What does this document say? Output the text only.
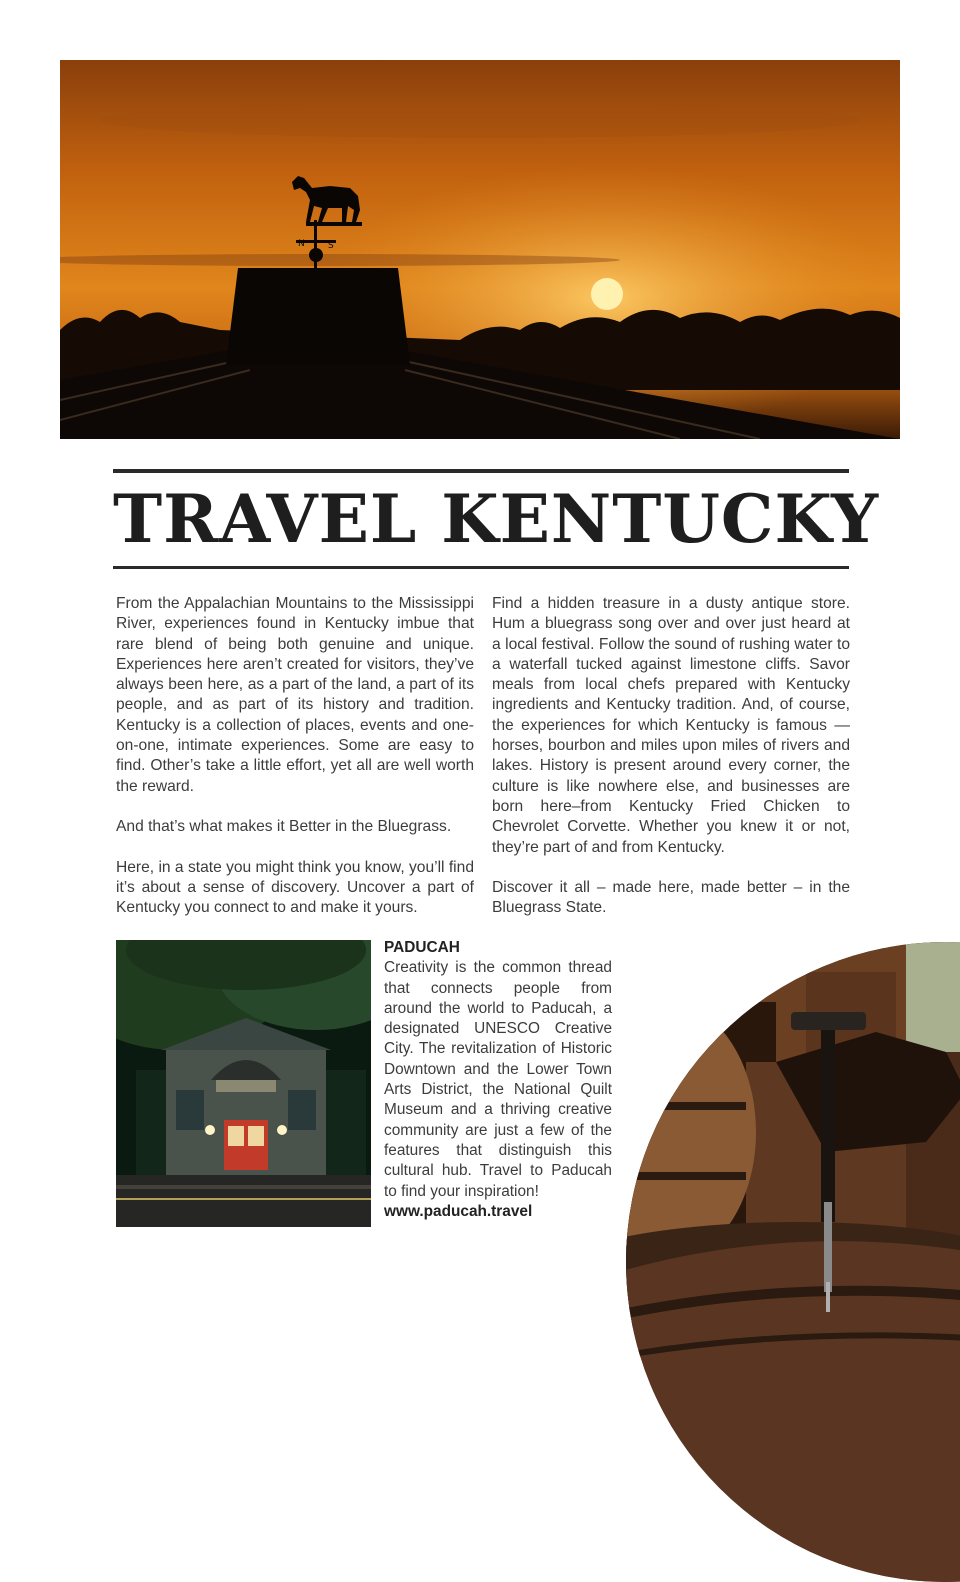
N	S
TRAVEL KENTUCKY

From the Appalachian Mountains to the Mississippi River, experiences found in Kentucky imbue that rare blend of being both genuine and unique. Experiences here aren’t created for visitors, they’ve always been here, as a part of the land, a part of its people, and as part of its history and tradition. Kentucky is a collection of places, events and one-on-one, intimate experiences. Some are easy to find. Other’s take a little effort, yet all are well worth the reward.

And that’s what makes it Better in the Bluegrass.

Here, in a state you might think you know, you’ll find it’s about a sense of discovery. Uncover a part of Kentucky you connect to and make it yours.

Find a hidden treasure in a dusty antique store. Hum a bluegrass song over and over just heard at a local festival. Follow the sound of rushing water to a waterfall tucked against limestone cliffs. Savor meals from local chefs prepared with Kentucky ingredients and Kentucky tradition. And, of course, the experiences for which Kentucky is famous — horses, bourbon and miles upon miles of rivers and lakes. History is present around every corner, the culture is like nowhere else, and businesses are born here–from Kentucky Fried Chicken to Chevrolet Corvette. Whether you knew it or not, they’re part of and from Kentucky.

Discover it all – made here, made better – in the Bluegrass State.

PADUCAH

Creativity is the common thread that connects people from around the world to Paducah, a designated UNESCO Creative City. The revitalization of Historic Downtown and the Lower Town Arts District, the National Quilt Museum and a thriving creative community are just a few of the features that distinguish this cultural hub. Travel to Paducah to find your inspiration!

www.paducah.travel
